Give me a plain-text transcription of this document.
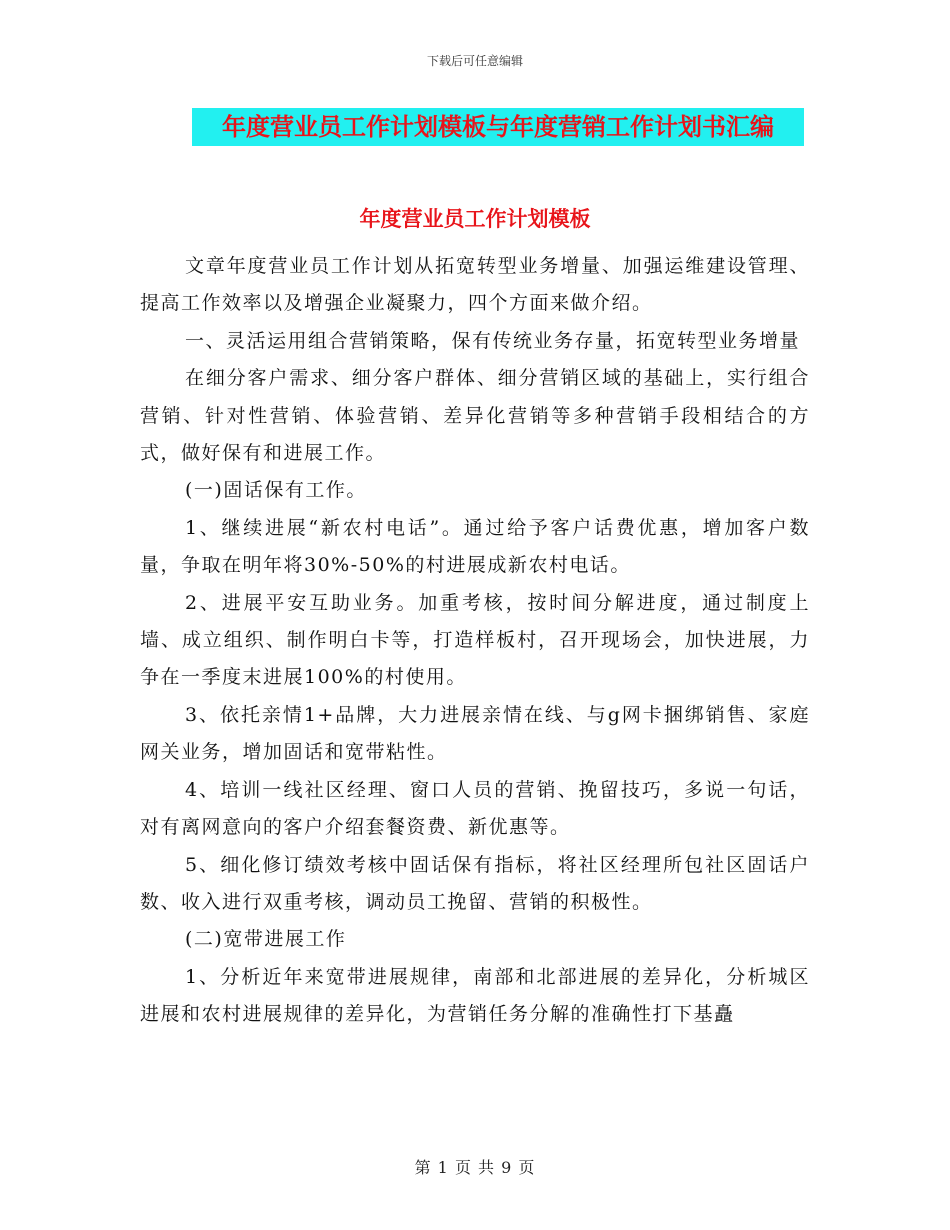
下载后可任意编辑
年度营业员工作计划模板与年度营销工作计划书汇编
年度营业员工作计划模板

文章年度营业员工作计划从拓宽转型业务增量、加强运维建设管理、提高工作效率以及增强企业凝聚力，四个方面来做介绍。

一、灵活运用组合营销策略，保有传统业务存量，拓宽转型业务增量

在细分客户需求、细分客户群体、细分营销区域的基础上，实行组合营销、针对性营销、体验营销、差异化营销等多种营销手段相结合的方式，做好保有和进展工作。

(一)固话保有工作。

1、继续进展“新农村电话”。通过给予客户话费优惠，增加客户数量，争取在明年将30%-50%的村进展成新农村电话。

2、进展平安互助业务。加重考核，按时间分解进度，通过制度上墙、成立组织、制作明白卡等，打造样板村，召开现场会，加快进展，力争在一季度末进展100%的村使用。

3、依托亲情1+品牌，大力进展亲情在线、与g网卡捆绑销售、家庭网关业务，增加固话和宽带粘性。

4、培训一线社区经理、窗口人员的营销、挽留技巧，多说一句话，对有离网意向的客户介绍套餐资费、新优惠等。

5、细化修订绩效考核中固话保有指标，将社区经理所包社区固话户数、收入进行双重考核，调动员工挽留、营销的积极性。

(二)宽带进展工作

1、分析近年来宽带进展规律，南部和北部进展的差异化，分析城区进展和农村进展规律的差异化，为营销任务分解的准确性打下基矗

第 1 页 共 9 页
